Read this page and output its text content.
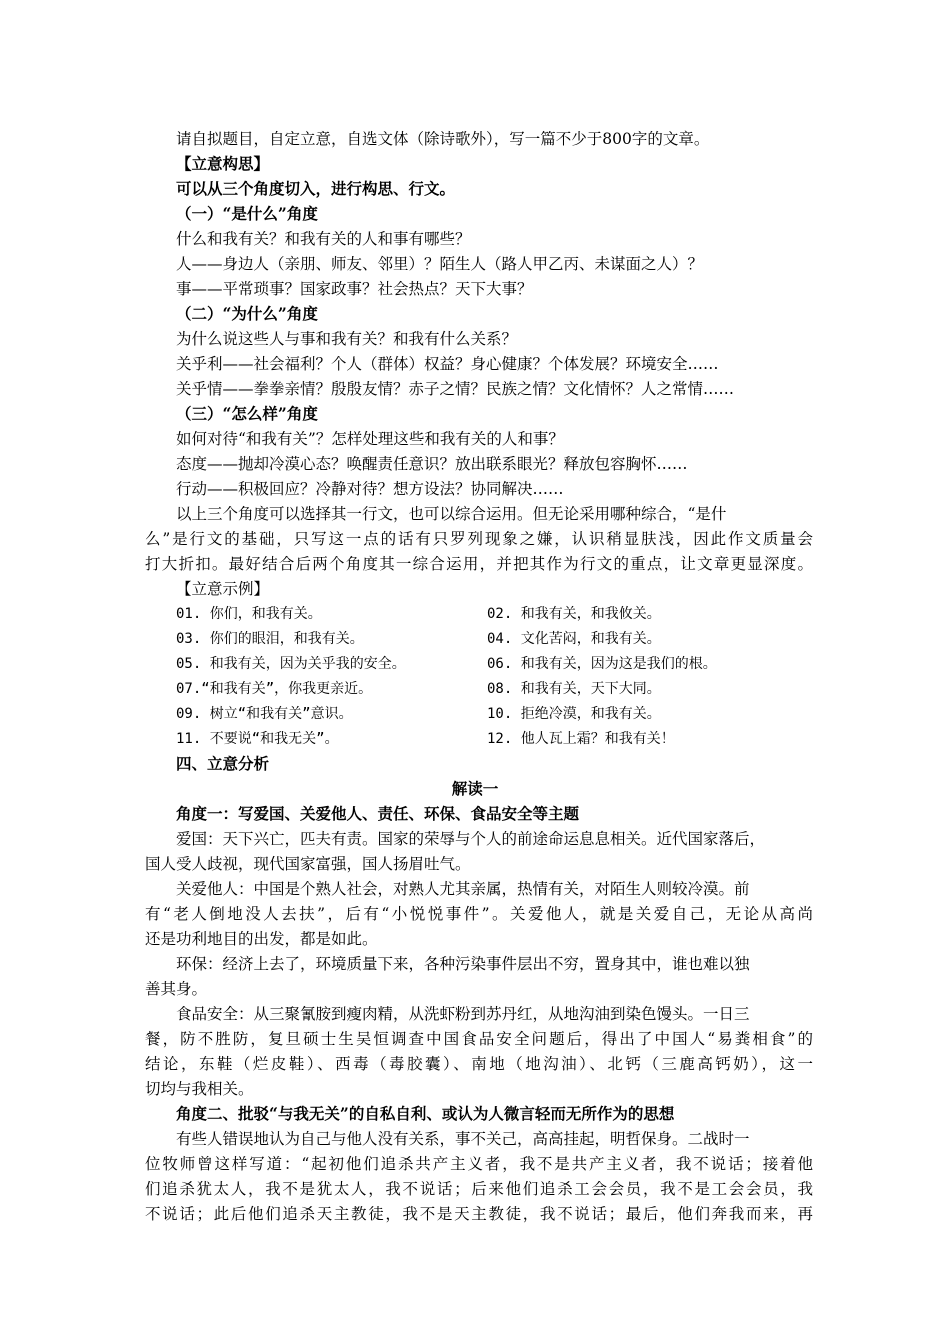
请自拟题目，自定立意，自选文体（除诗歌外），写一篇不少于800字的文章。
【立意构思】
可以从三个角度切入，进行构思、行文。
（一）“是什么”角度
什么和我有关？和我有关的人和事有哪些？
人——身边人（亲朋、师友、邻里）？陌生人（路人甲乙丙、未谋面之人）？
事——平常琐事？国家政事？社会热点？天下大事？
（二）“为什么”角度
为什么说这些人与事和我有关？和我有什么关系？
关乎利——社会福利？个人（群体）权益？身心健康？个体发展？环境安全……
关乎情——拳拳亲情？殷殷友情？赤子之情？民族之情？文化情怀？人之常情……
（三）“怎么样”角度
如何对待“和我有关”？怎样处理这些和我有关的人和事？
态度——抛却冷漠心态？唤醒责任意识？放出联系眼光？释放包容胸怀……
行动——积极回应？冷静对待？想方设法？协同解决……
以上三个角度可以选择其一行文，也可以综合运用。但无论采用哪种综合，“是什
么”是行文的基础，只写这一点的话有只罗列现象之嫌，认识稍显肤浅，因此作文质量会
打大折扣。最好结合后两个角度其一综合运用，并把其作为行文的重点，让文章更显深度。
【立意示例】
01. 你们，和我有关。	02. 和我有关，和我攸关。
03. 你们的眼泪，和我有关。	04. 文化苦闷，和我有关。
05. 和我有关，因为关乎我的安全。	06. 和我有关，因为这是我们的根。
07.“和我有关”，你我更亲近。	08. 和我有关，天下大同。
09. 树立“和我有关”意识。	10. 拒绝冷漠，和我有关。
11. 不要说“和我无关”。	12. 他人瓦上霜？和我有关！
四、立意分析
解读一
角度一：写爱国、关爱他人、责任、环保、食品安全等主题
爱国：天下兴亡，匹夫有责。国家的荣辱与个人的前途命运息息相关。近代国家落后，
国人受人歧视，现代国家富强，国人扬眉吐气。
关爱他人：中国是个熟人社会，对熟人尤其亲属，热情有关，对陌生人则较冷漠。前
有“老人倒地没人去扶”，后有“小悦悦事件”。关爱他人，就是关爱自己，无论从高尚
还是功利地目的出发，都是如此。
环保：经济上去了，环境质量下来，各种污染事件层出不穷，置身其中，谁也难以独
善其身。
食品安全：从三聚氰胺到瘦肉精，从洗虾粉到苏丹红，从地沟油到染色馒头。一日三
餐，防不胜防，复旦硕士生吴恒调查中国食品安全问题后，得出了中国人“易粪相食”的
结论，东鞋（烂皮鞋）、西毒（毒胶囊）、南地（地沟油）、北钙（三鹿高钙奶），这一
切均与我相关。
角度二、批驳“与我无关”的自私自利、或认为人微言轻而无所作为的思想
有些人错误地认为自己与他人没有关系，事不关己，高高挂起，明哲保身。二战时一
位牧师曾这样写道：“起初他们追杀共产主义者，我不是共产主义者，我不说话；接着他
们追杀犹太人，我不是犹太人，我不说话；后来他们追杀工会会员，我不是工会会员，我
不说话；此后他们追杀天主教徒，我不是天主教徒，我不说话；最后，他们奔我而来，再
